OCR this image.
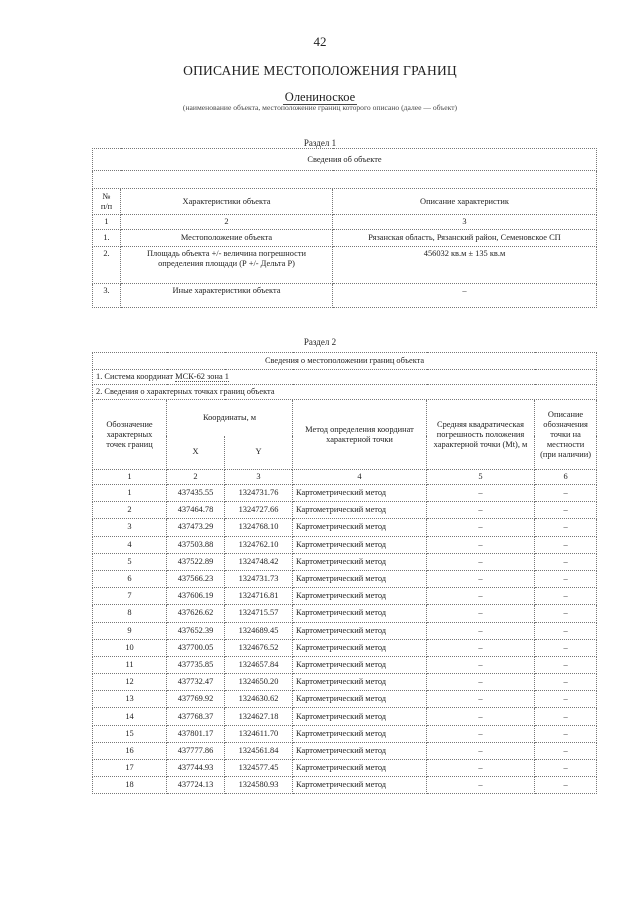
42
ОПИСАНИЕ МЕСТОПОЛОЖЕНИЯ ГРАНИЦ
Олениноское
(наименование объекта, местоположение границ которого описано (далее — объект)
Раздел 1
Сведения об объекте		

№
п/п	Характеристики объекта	Описание характеристик
1	2	3
1.	Местоположение объекта	Рязанская область, Рязанский район, Семеновское СП
2.	Площадь объекта +/- величина погрешности определения площади (Р +/- Дельта Р)	456032 кв.м ± 135 кв.м
3.	Иные характеристики объекта	–
Раздел 2
Сведения о местоположении границ объекта					
1. Система координат МСК-62 зона 1					
2. Сведения о характерных точках границ объекта					
Обозначение характерных точек границ	Координаты, м		Метод определения координат характерной точки	Средняя квадратическая погрешность положения характерной точки (Mt), м	Описание обозначения точки на местности (при наличии)
	X	Y			
1	2	3	4	5	6
1	437435.55	1324731.76	Картометрический метод	–	–
2	437464.78	1324727.66	Картометрический метод	–	–
3	437473.29	1324768.10	Картометрический метод	–	–
4	437503.88	1324762.10	Картометрический метод	–	–
5	437522.89	1324748.42	Картометрический метод	–	–
6	437566.23	1324731.73	Картометрический метод	–	–
7	437606.19	1324716.81	Картометрический метод	–	–
8	437626.62	1324715.57	Картометрический метод	–	–
9	437652.39	1324689.45	Картометрический метод	–	–
10	437700.05	1324676.52	Картометрический метод	–	–
11	437735.85	1324657.84	Картометрический метод	–	–
12	437732.47	1324650.20	Картометрический метод	–	–
13	437769.92	1324630.62	Картометрический метод	–	–
14	437768.37	1324627.18	Картометрический метод	–	–
15	437801.17	1324611.70	Картометрический метод	–	–
16	437777.86	1324561.84	Картометрический метод	–	–
17	437744.93	1324577.45	Картометрический метод	–	–
18	437724.13	1324580.93	Картометрический метод	–	–
